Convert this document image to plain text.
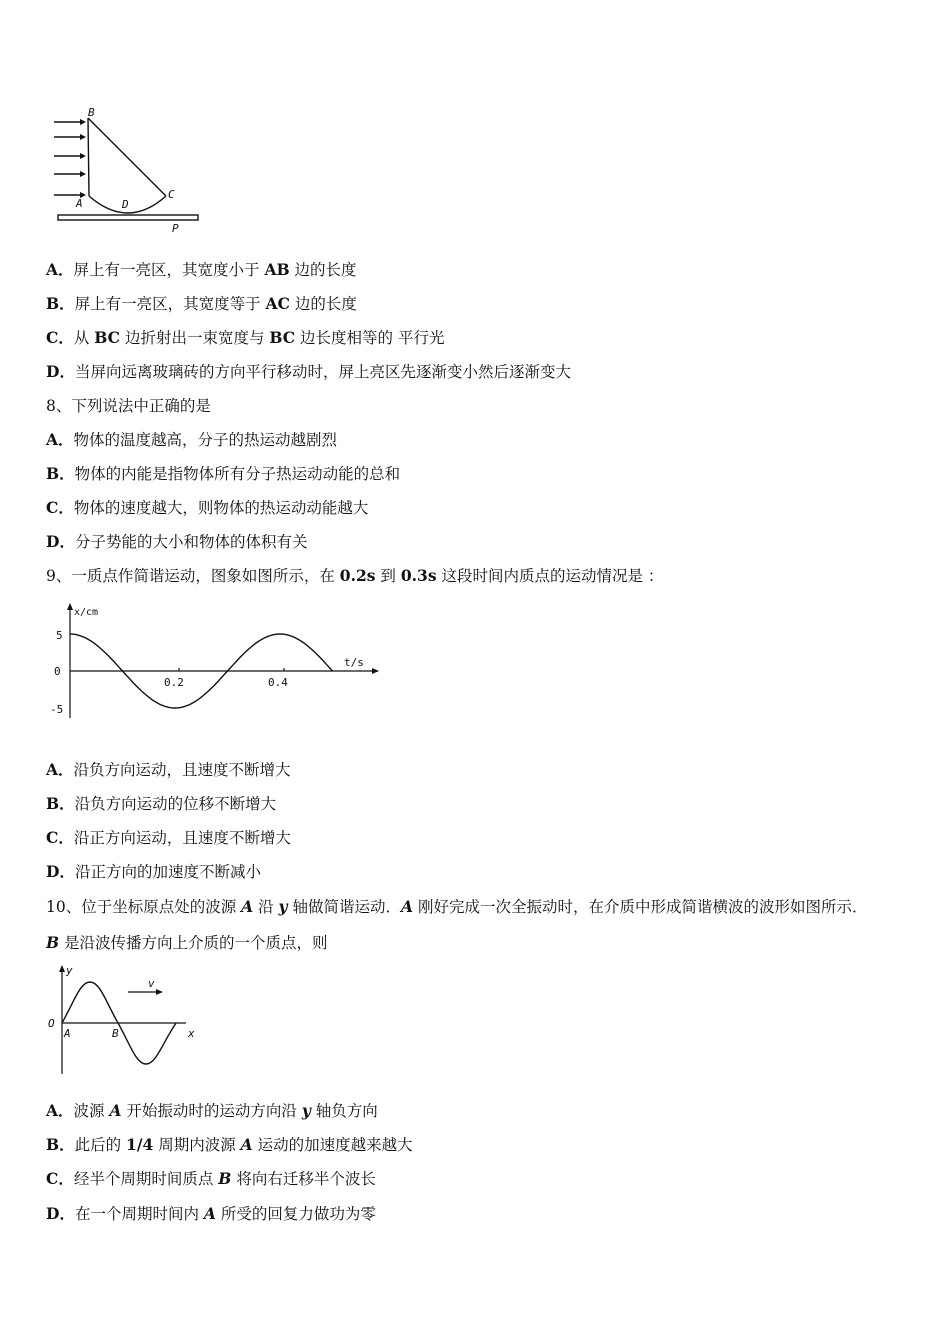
B
A	D
C
P
A．屏上有一亮区，其宽度小于 AB 边的长度
B．屏上有一亮区，其宽度等于 AC 边的长度
C．从 BC 边折射出一束宽度与 BC 边长度相等的 平行光
D．当屏向远离玻璃砖的方向平行移动时，屏上亮区先逐渐变小然后逐渐变大
8、下列说法中正确的是
A．物体的温度越高，分子的热运动越剧烈
B．物体的内能是指物体所有分子热运动动能的总和
C．物体的速度越大，则物体的热运动动能越大
D．分子势能的大小和物体的体积有关
9、一质点作简谐运动，图象如图所示，在 0.2s 到 0.3s 这段时间内质点的运动情况是 ：
x/cm
t/s
5
0
-5
0.2	0.4
A．沿负方向运动，且速度不断增大
B．沿负方向运动的位移不断增大
C．沿正方向运动，且速度不断增大
D．沿正方向的加速度不断减小
10、位于坐标原点处的波源 A 沿 y 轴做简谐运动．A 刚好完成一次全振动时，在介质中形成简谐横波的波形如图所示．
B 是沿波传播方向上介质的一个质点，则
y
v
O
A	B	x
A．波源 A 开始振动时的运动方向沿 y 轴负方向
B．此后的 1/4 周期内波源 A 运动的加速度越来越大
C．经半个周期时间质点 B 将向右迁移半个波长
D．在一个周期时间内 A 所受的回复力做功为零
